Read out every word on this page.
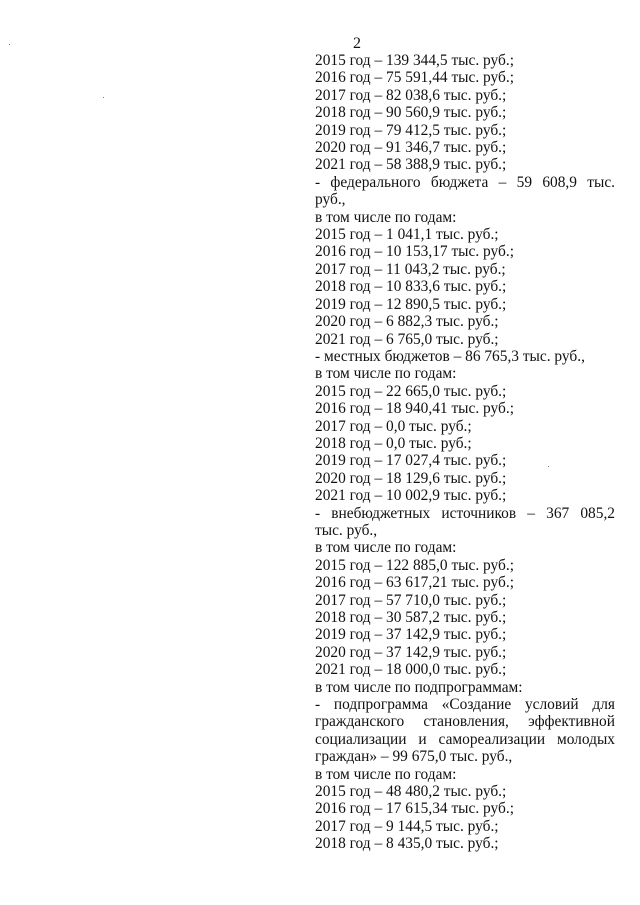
2
2015 год – 139 344,5 тыс. руб.;
2016 год – 75 591,44 тыс. руб.;
2017 год – 82 038,6 тыс. руб.;
2018 год – 90 560,9 тыс. руб.;
2019 год – 79 412,5 тыс. руб.;
2020 год – 91 346,7 тыс. руб.;
2021 год – 58 388,9 тыс. руб.;
- федерального бюджета – 59 608,9 тыс.
руб.,
в том числе по годам:
2015 год – 1 041,1 тыс. руб.;
2016 год – 10 153,17 тыс. руб.;
2017 год – 11 043,2 тыс. руб.;
2018 год – 10 833,6 тыс. руб.;
2019 год – 12 890,5 тыс. руб.;
2020 год – 6 882,3 тыс. руб.;
2021 год – 6 765,0 тыс. руб.;
- местных бюджетов – 86 765,3 тыс. руб.,
в том числе по годам:
2015 год – 22 665,0 тыс. руб.;
2016 год – 18 940,41 тыс. руб.;
2017 год – 0,0 тыс. руб.;
2018 год – 0,0 тыс. руб.;
2019 год – 17 027,4 тыс. руб.;
2020 год – 18 129,6 тыс. руб.;
2021 год – 10 002,9 тыс. руб.;
- внебюджетных источников – 367 085,2
тыс. руб.,
в том числе по годам:
2015 год – 122 885,0 тыс. руб.;
2016 год – 63 617,21 тыс. руб.;
2017 год – 57 710,0 тыс. руб.;
2018 год – 30 587,2 тыс. руб.;
2019 год – 37 142,9 тыс. руб.;
2020 год – 37 142,9 тыс. руб.;
2021 год – 18 000,0 тыс. руб.;
в том числе по подпрограммам:
- подпрограмма «Создание условий для
гражданского становления, эффективной
социализации и самореализации молодых
граждан» – 99 675,0 тыс. руб.,
в том числе по годам:
2015 год – 48 480,2 тыс. руб.;
2016 год – 17 615,34 тыс. руб.;
2017 год – 9 144,5 тыс. руб.;
2018 год – 8 435,0 тыс. руб.;
